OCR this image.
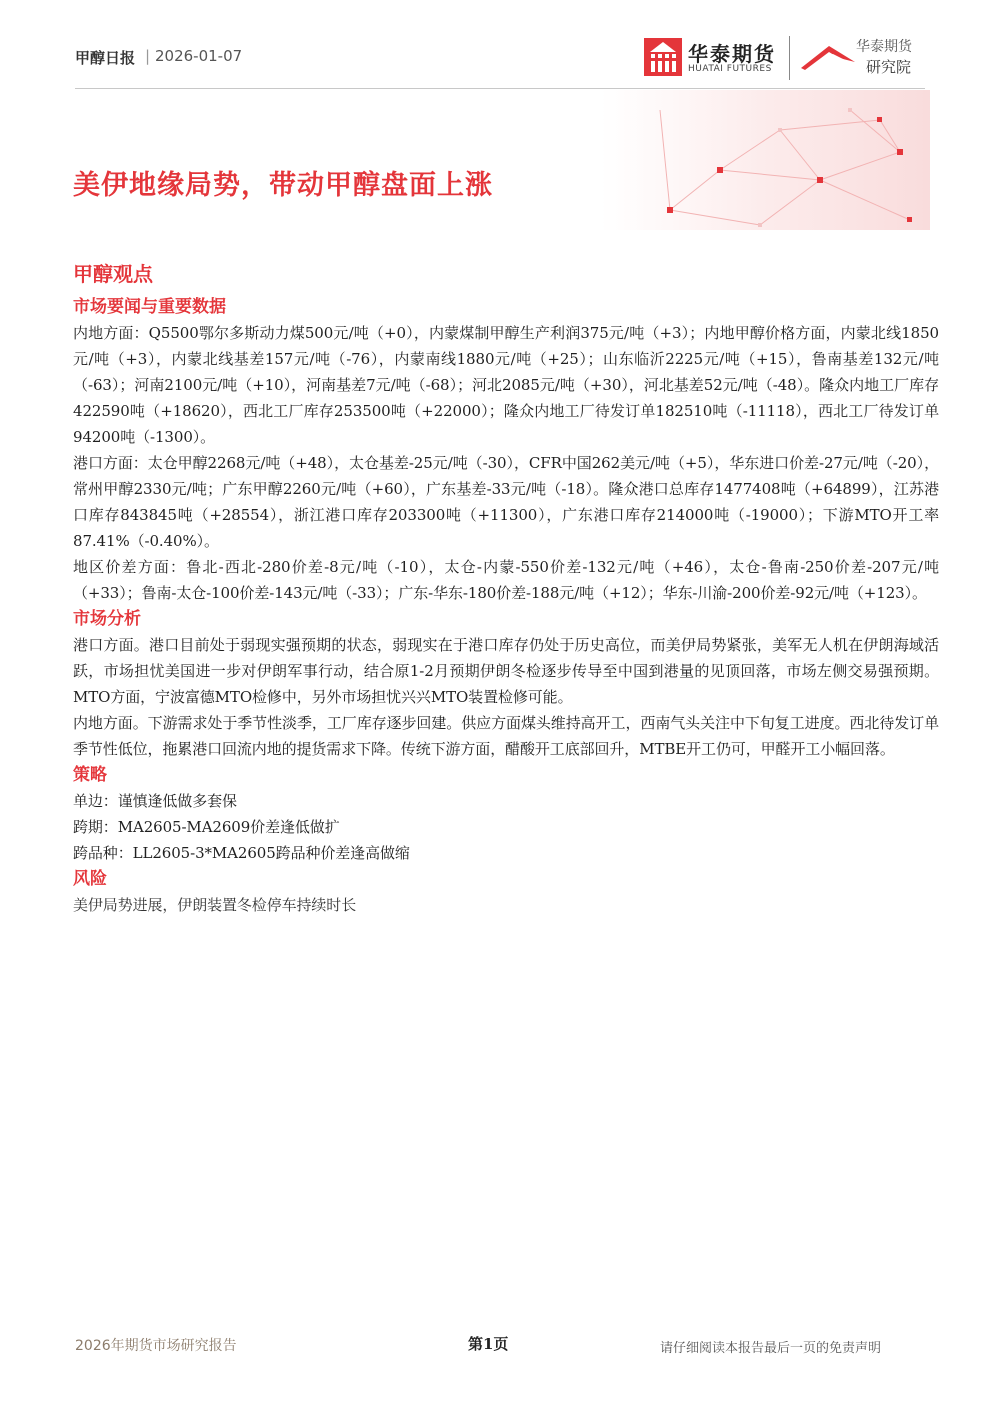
甲醇日报 | 2026-01-07	华泰期货
HUATAI FUTURES
华泰期货
研究院
美伊地缘局势，带动甲醇盘面上涨
甲醇观点
市场要闻与重要数据

内地方面：Q5500鄂尔多斯动力煤500元/吨（+0），内蒙煤制甲醇生产利润375元/吨（+3）；内地甲醇价格方面，内蒙北线1850元/吨（+3），内蒙北线基差157元/吨（-76），内蒙南线1880元/吨（+25）；山东临沂2225元/吨（+15），鲁南基差132元/吨（-63）；河南2100元/吨（+10），河南基差7元/吨（-68）；河北2085元/吨（+30），河北基差52元/吨（-48）。隆众内地工厂库存422590吨（+18620），西北工厂库存253500吨（+22000）；隆众内地工厂待发订单182510吨（-11118），西北工厂待发订单94200吨（-1300）。

港口方面：太仓甲醇2268元/吨（+48），太仓基差-25元/吨（-30），CFR中国262美元/吨（+5），华东进口价差-27元/吨（-20），常州甲醇2330元/吨；广东甲醇2260元/吨（+60），广东基差-33元/吨（-18）。隆众港口总库存1477408吨（+64899），江苏港口库存843845吨（+28554），浙江港口库存203300吨（+11300），广东港口库存214000吨（-19000）；下游MTO开工率87.41%（-0.40%）。

地区价差方面：鲁北-西北-280价差-8元/吨（-10），太仓-内蒙-550价差-132元/吨（+46），太仓-鲁南-250价差-207元/吨（+33）；鲁南-太仓-100价差-143元/吨（-33）；广东-华东-180价差-188元/吨（+12）；华东-川渝-200价差-92元/吨（+123）。

市场分析

港口方面。港口目前处于弱现实强预期的状态，弱现实在于港口库存仍处于历史高位，而美伊局势紧张，美军无人机在伊朗海域活跃，市场担忧美国进一步对伊朗军事行动，结合原1-2月预期伊朗冬检逐步传导至中国到港量的见顶回落，市场左侧交易强预期。MTO方面，宁波富德MTO检修中，另外市场担忧兴兴MTO装置检修可能。

内地方面。下游需求处于季节性淡季，工厂库存逐步回建。供应方面煤头维持高开工，西南气头关注中下旬复工进度。西北待发订单季节性低位，拖累港口回流内地的提货需求下降。传统下游方面，醋酸开工底部回升，MTBE开工仍可，甲醛开工小幅回落。

策略

单边：谨慎逢低做多套保

跨期：MA2605-MA2609价差逢低做扩

跨品种：LL2605-3*MA2605跨品种价差逢高做缩

风险

美伊局势进展，伊朗装置冬检停车持续时长

2026年期货市场研究报告	第1页	请仔细阅读本报告最后一页的免责声明
